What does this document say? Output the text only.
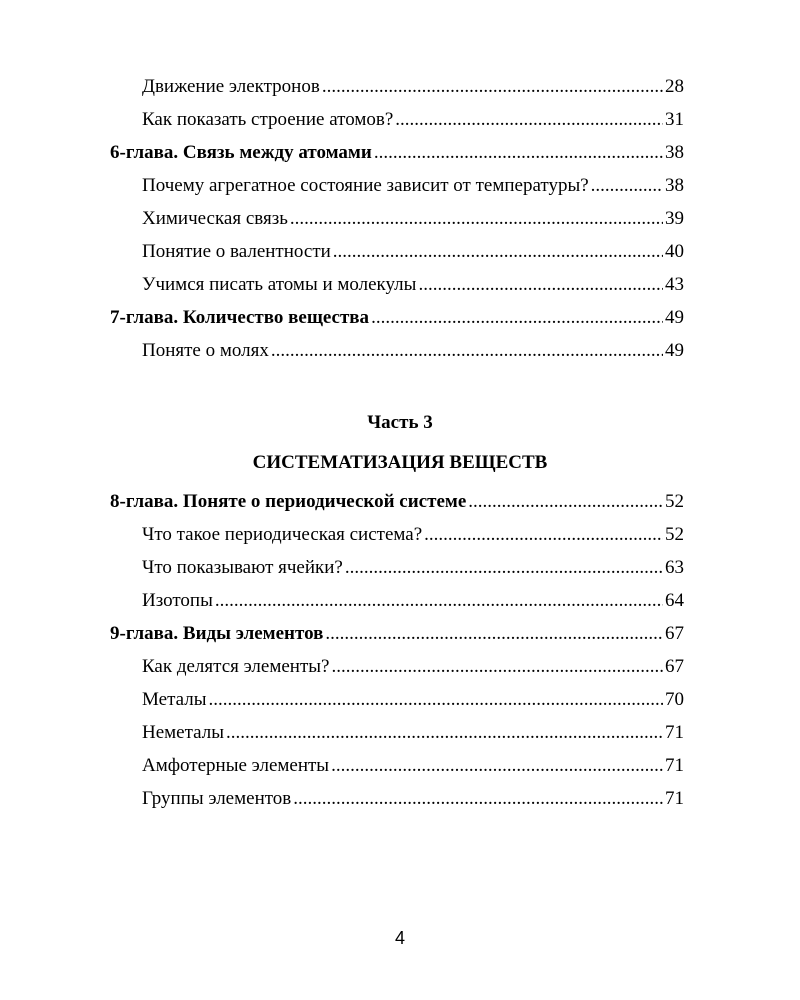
Движение электронов .....	28
Как показать строение атомов? .....	31
6-глава. Связь между атомами .....	38
Почему агрегатное состояние зависит от температуры? .....	38
Химическая связь .....	39
Понятие о валентности .....	40
Учимся писать атомы и молекулы .....	43
7-глава. Количество вещества .....	49
Поняте о молях .....	49
Часть 3
СИСТЕМАТИЗАЦИЯ ВЕЩЕСТВ
8-глава. Поняте о периодической системе .....	52
Что такое периодическая система? .....	52
Что показывают ячейки? .....	63
Изотопы .....	64
9-глава. Виды элементов .....	67
Как делятся элементы? .....	67
Металы .....	70
Неметалы .....	71
Амфотерные элементы .....	71
Группы элементов .....	71
4
